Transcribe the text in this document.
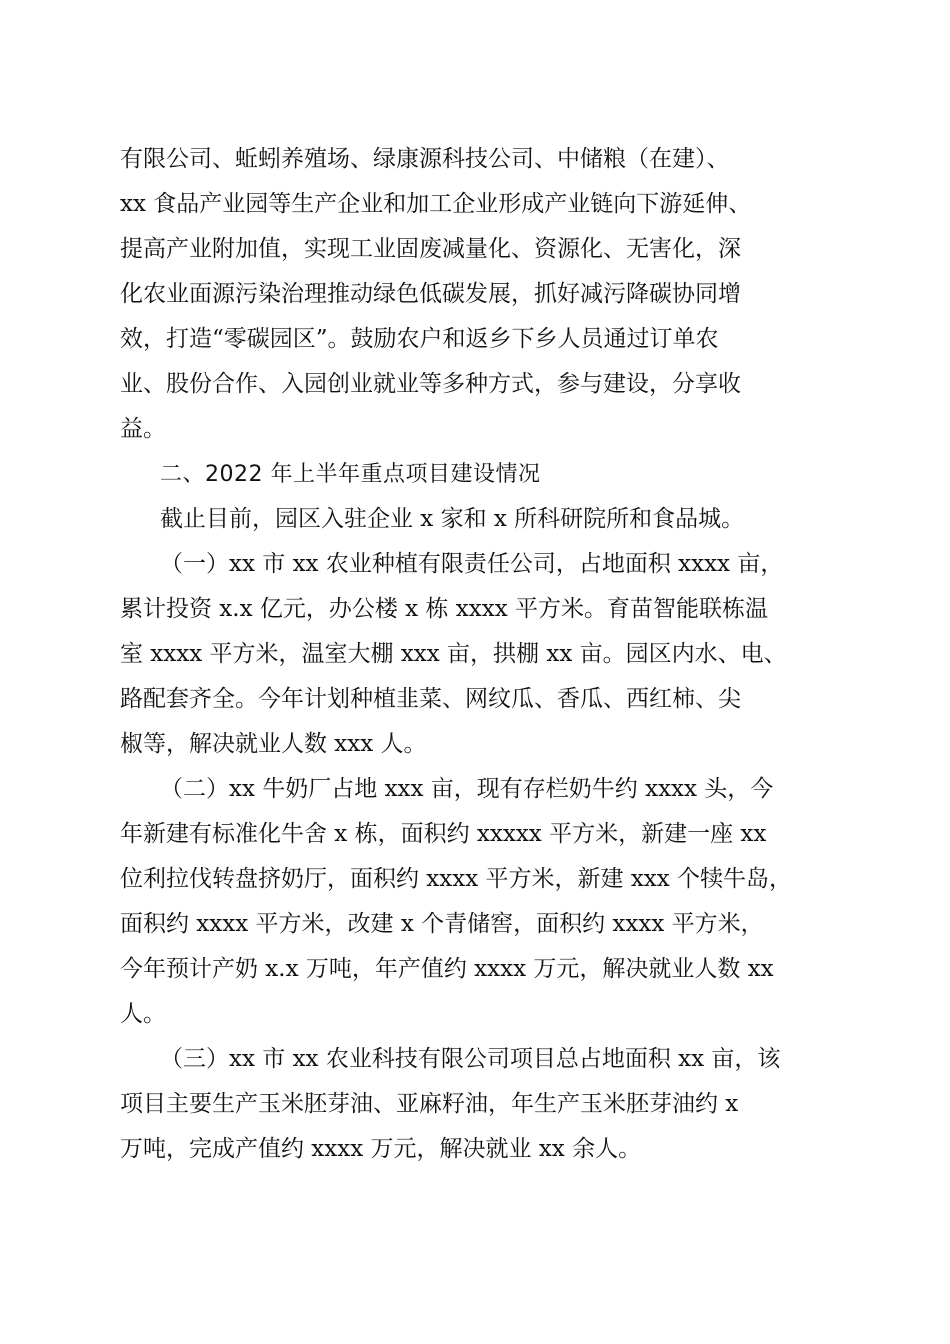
有限公司、蚯蚓养殖场、绿康源科技公司、中储粮（在建）、
xx 食品产业园等生产企业和加工企业形成产业链向下游延伸、
提高产业附加值，实现工业固废减量化、资源化、无害化，深
化农业面源污染治理推动绿色低碳发展，抓好减污降碳协同增
效，打造“零碳园区”。鼓励农户和返乡下乡人员通过订单农
业、股份合作、入园创业就业等多种方式，参与建设，分享收
益。
二、2022 年上半年重点项目建设情况
截止目前，园区入驻企业 x 家和 x 所科研院所和食品城。
（一）xx 市 xx 农业种植有限责任公司，占地面积 xxxx 亩，
累计投资 x.x 亿元，办公楼 x 栋 xxxx 平方米。育苗智能联栋温
室 xxxx 平方米，温室大棚 xxx 亩，拱棚 xx 亩。园区内水、电、
路配套齐全。今年计划种植韭菜、网纹瓜、香瓜、西红柿、尖
椒等，解决就业人数 xxx 人。
（二）xx 牛奶厂占地 xxx 亩，现有存栏奶牛约 xxxx 头，今
年新建有标准化牛舍 x 栋，面积约 xxxxx 平方米，新建一座 xx
位利拉伐转盘挤奶厅，面积约 xxxx 平方米，新建 xxx 个犊牛岛，
面积约 xxxx 平方米，改建 x 个青储窖，面积约 xxxx 平方米，
今年预计产奶 x.x 万吨，年产值约 xxxx 万元，解决就业人数 xx
人。
（三）xx 市 xx 农业科技有限公司项目总占地面积 xx 亩，该
项目主要生产玉米胚芽油、亚麻籽油，年生产玉米胚芽油约 x
万吨，完成产值约 xxxx 万元，解决就业 xx 余人。
